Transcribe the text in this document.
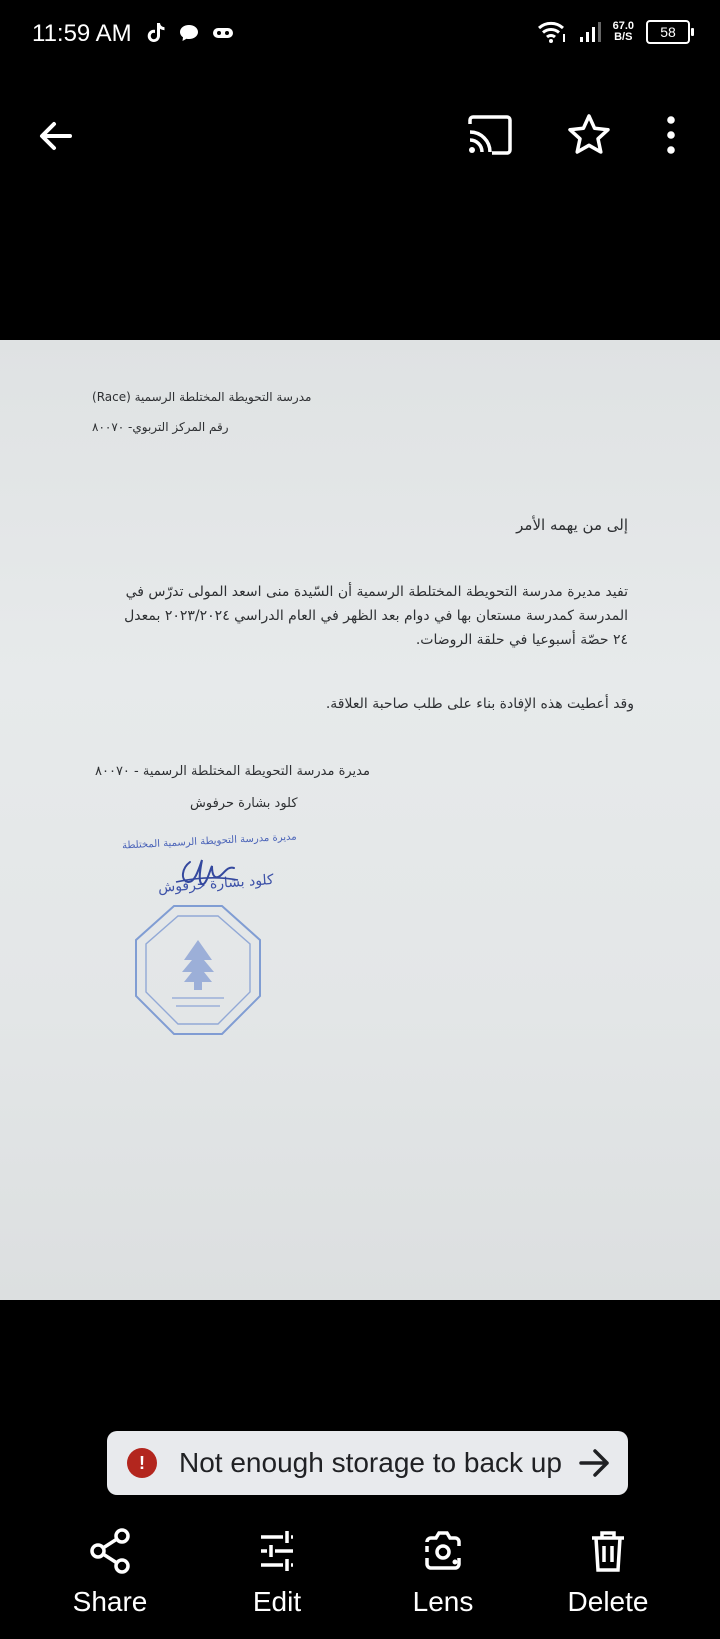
11:59 AM	67.0
B/S	58
مدرسة التحويطة المختلطة الرسمية (Race)
رقم المركز التربوي- ٨٠٠٧٠
إلى من يهمه الأمر
تفيد مديرة مدرسة التحويطة المختلطة الرسمية أن السّيدة منى اسعد المولى تدرّس في
المدرسة كمدرسة مستعان بها في دوام بعد الظهر في العام الدراسي ٢٠٢٣/٢٠٢٤ بمعدل
٢٤ حصّة أسبوعيا في حلقة الروضات.
وقد أعطيت هذه الإفادة بناء على طلب صاحبة العلاقة.
مديرة مدرسة التحويطة المختلطة الرسمية - ٨٠٠٧٠
كلود بشارة حرفوش
مديرة مدرسة التحويطة الرسمية المختلطة
كلود بشارة حرفوش
!	Not enough storage to back up
Share	Edit	Lens	Delete
